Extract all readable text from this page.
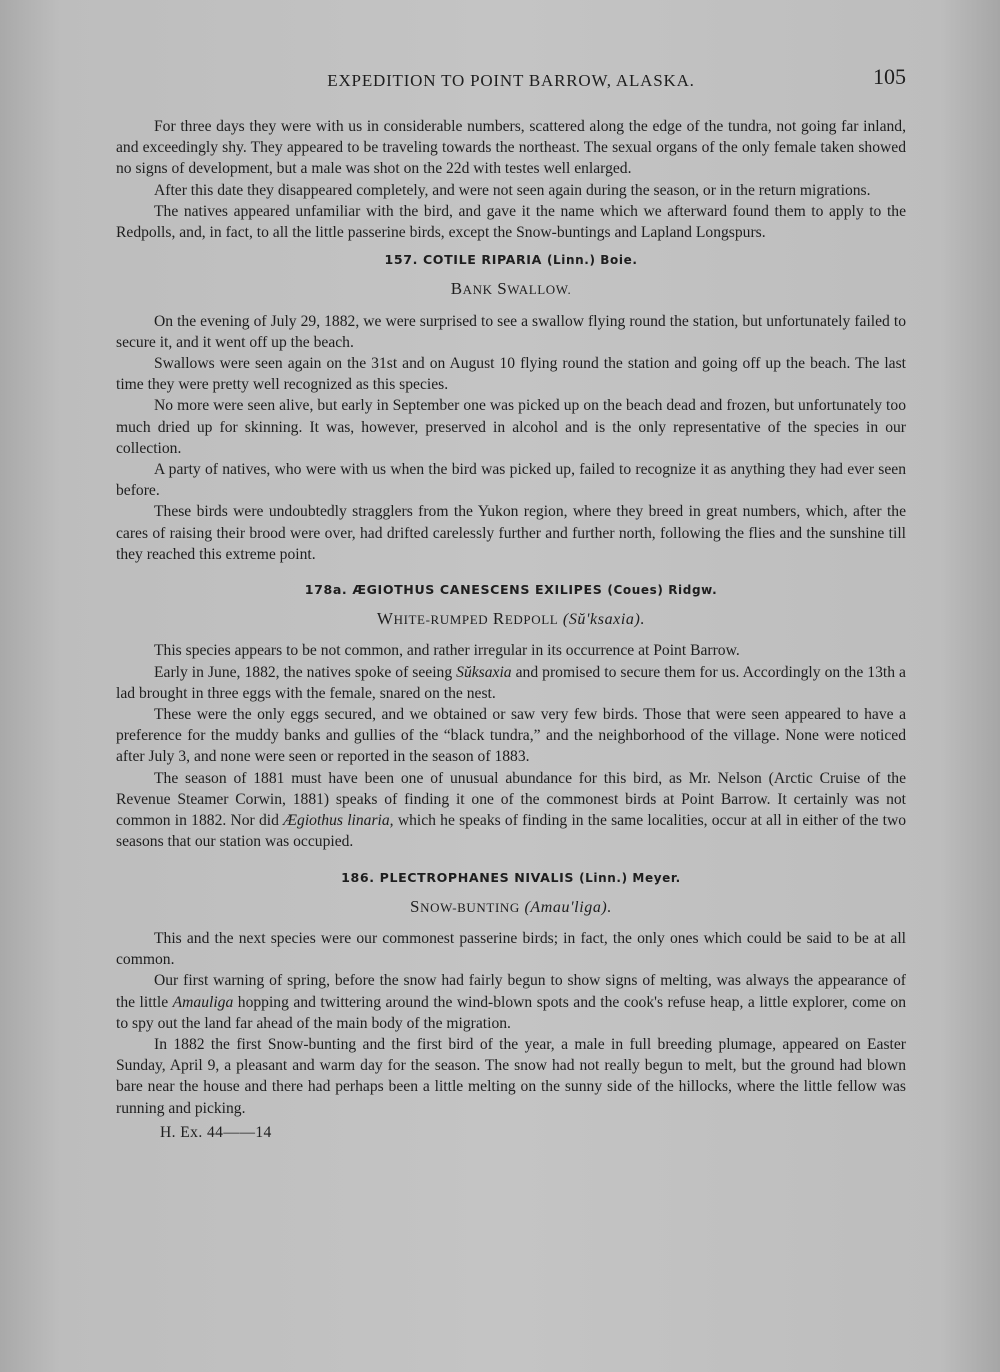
EXPEDITION TO POINT BARROW, ALASKA.	105

For three days they were with us in considerable numbers, scattered along the edge of the tundra, not going far inland, and exceedingly shy. They appeared to be traveling towards the northeast. The sexual organs of the only female taken showed no signs of development, but a male was shot on the 22d with testes well enlarged.

After this date they disappeared completely, and were not seen again during the season, or in the return migrations.

The natives appeared unfamiliar with the bird, and gave it the name which we afterward found them to apply to the Redpolls, and, in fact, to all the little passerine birds, except the Snow-buntings and Lapland Longspurs.

157. COTILE RIPARIA (Linn.) Boie.
BANK SWALLOW.

On the evening of July 29, 1882, we were surprised to see a swallow flying round the station, but unfortunately failed to secure it, and it went off up the beach.

Swallows were seen again on the 31st and on August 10 flying round the station and going off up the beach. The last time they were pretty well recognized as this species.

No more were seen alive, but early in September one was picked up on the beach dead and frozen, but unfortunately too much dried up for skinning. It was, however, preserved in alcohol and is the only representative of the species in our collection.

A party of natives, who were with us when the bird was picked up, failed to recognize it as anything they had ever seen before.

These birds were undoubtedly stragglers from the Yukon region, where they breed in great numbers, which, after the cares of raising their brood were over, had drifted carelessly further and further north, following the flies and the sunshine till they reached this extreme point.

178a. ÆGIOTHUS CANESCENS EXILIPES (Coues) Ridgw.
WHITE-RUMPED REDPOLL (Sŭ'ksaxia).

This species appears to be not common, and rather irregular in its occurrence at Point Barrow.

Early in June, 1882, the natives spoke of seeing Sŭksaxia and promised to secure them for us. Accordingly on the 13th a lad brought in three eggs with the female, snared on the nest.

These were the only eggs secured, and we obtained or saw very few birds. Those that were seen appeared to have a preference for the muddy banks and gullies of the “black tundra,” and the neighborhood of the village. None were noticed after July 3, and none were seen or reported in the season of 1883.

The season of 1881 must have been one of unusual abundance for this bird, as Mr. Nelson (Arctic Cruise of the Revenue Steamer Corwin, 1881) speaks of finding it one of the commonest birds at Point Barrow. It certainly was not common in 1882. Nor did Ægiothus linaria, which he speaks of finding in the same localities, occur at all in either of the two seasons that our station was occupied.

186. PLECTROPHANES NIVALIS (Linn.) Meyer.
SNOW-BUNTING (Amau'liga).

This and the next species were our commonest passerine birds; in fact, the only ones which could be said to be at all common.

Our first warning of spring, before the snow had fairly begun to show signs of melting, was always the appearance of the little Amauliga hopping and twittering around the wind-blown spots and the cook's refuse heap, a little explorer, come on to spy out the land far ahead of the main body of the migration.

In 1882 the first Snow-bunting and the first bird of the year, a male in full breeding plumage, appeared on Easter Sunday, April 9, a pleasant and warm day for the season. The snow had not really begun to melt, but the ground had blown bare near the house and there had perhaps been a little melting on the sunny side of the hillocks, where the little fellow was running and picking.

H. Ex. 44——14
